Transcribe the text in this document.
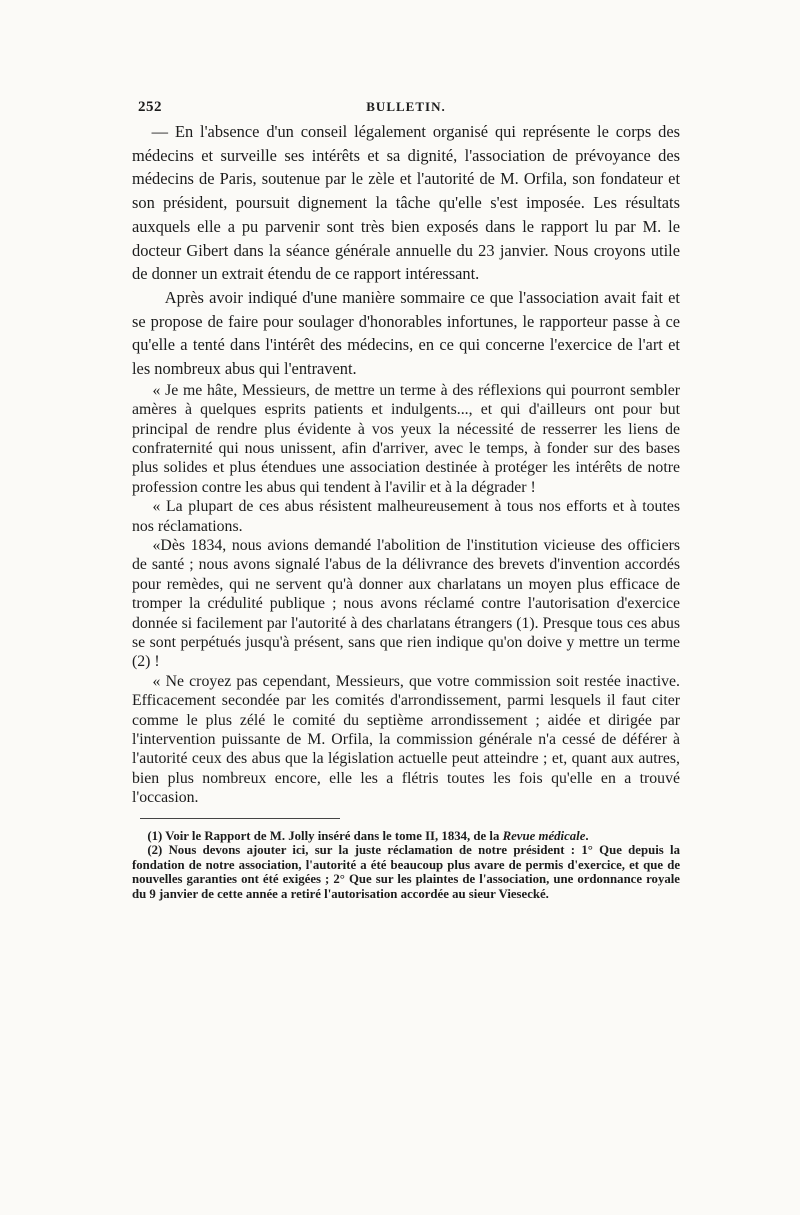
252	BULLETIN.

— En l'absence d'un conseil légalement organisé qui représente le corps des médecins et surveille ses intérêts et sa dignité, l'association de prévoyance des médecins de Paris, soutenue par le zèle et l'autorité de M. Orfila, son fondateur et son président, poursuit dignement la tâche qu'elle s'est imposée. Les résultats auxquels elle a pu parvenir sont très bien exposés dans le rapport lu par M. le docteur Gibert dans la séance générale annuelle du 23 janvier. Nous croyons utile de donner un extrait étendu de ce rapport intéressant.

Après avoir indiqué d'une manière sommaire ce que l'association avait fait et se propose de faire pour soulager d'honorables infortunes, le rapporteur passe à ce qu'elle a tenté dans l'intérêt des médecins, en ce qui concerne l'exercice de l'art et les nombreux abus qui l'entravent.

« Je me hâte, Messieurs, de mettre un terme à des réflexions qui pourront sembler amères à quelques esprits patients et indulgents..., et qui d'ailleurs ont pour but principal de rendre plus évidente à vos yeux la nécessité de resserrer les liens de confraternité qui nous unissent, afin d'arriver, avec le temps, à fonder sur des bases plus solides et plus étendues une association destinée à protéger les intérêts de notre profession contre les abus qui tendent à l'avilir et à la dégrader !

« La plupart de ces abus résistent malheureusement à tous nos efforts et à toutes nos réclamations.

«Dès 1834, nous avions demandé l'abolition de l'institution vicieuse des officiers de santé ; nous avons signalé l'abus de la délivrance des brevets d'invention accordés pour remèdes, qui ne servent qu'à donner aux charlatans un moyen plus efficace de tromper la crédulité publique ; nous avons réclamé contre l'autorisation d'exercice donnée si facilement par l'autorité à des charlatans étrangers (1). Presque tous ces abus se sont perpétués jusqu'à présent, sans que rien indique qu'on doive y mettre un terme (2) !

« Ne croyez pas cependant, Messieurs, que votre commission soit restée inactive. Efficacement secondée par les comités d'arrondissement, parmi lesquels il faut citer comme le plus zélé le comité du septième arrondissement ; aidée et dirigée par l'intervention puissante de M. Orfila, la commission générale n'a cessé de déférer à l'autorité ceux des abus que la législation actuelle peut atteindre ; et, quant aux autres, bien plus nombreux encore, elle les a flétris toutes les fois qu'elle en a trouvé l'occasion.

(1) Voir le Rapport de M. Jolly inséré dans le tome II, 1834, de la Revue médicale.

(2) Nous devons ajouter ici, sur la juste réclamation de notre président : 1° Que depuis la fondation de notre association, l'autorité a été beaucoup plus avare de permis d'exercice, et que de nouvelles garanties ont été exigées ; 2° Que sur les plaintes de l'association, une ordonnance royale du 9 janvier de cette année a retiré l'autorisation accordée au sieur Viesecké.
